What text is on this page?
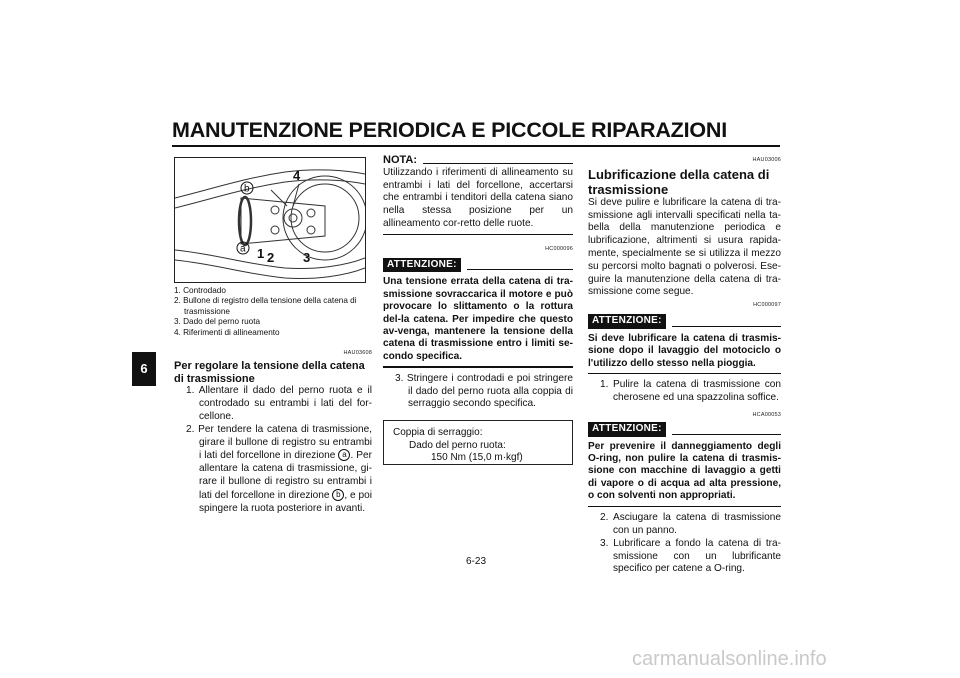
MANUTENZIONE PERIODICA E PICCOLE RIPARAZIONI
6
4
1 2 3
b
a
1. Controdado
2. Bullone di registro della tensione della catena di trasmissione
3. Dado del perno ruota
4. Riferimenti di allineamento
HAU03608

Per regolare la tensione della catena di trasmissione

1. Allentare il dado del perno ruota e il controdado su entrambi i lati del for-cellone.

2. Per tendere la catena di trasmissione, girare il bullone di registro su entrambi i lati del forcellone in direzione a . Per allentare la catena di trasmissione, gi-rare il bullone di registro su entrambi i lati del forcellone in direzione b , e poi spingere la ruota posteriore in avanti.

NOTA:

Utilizzando i riferimenti di allineamento su entrambi i lati del forcellone, accertarsi che entrambi i tenditori della catena siano nella stessa posizione per un allineamento cor-retto delle ruote.

HC000096
ATTENZIONE:

Una tensione errata della catena di tra-smissione sovraccarica il motore e può provocare lo slittamento o la rottura del-la catena. Per impedire che questo av-venga, mantenere la tensione della catena di trasmissione entro i limiti se-condo specifica.

3. Stringere i controdadi e poi stringere il dado del perno ruota alla coppia di serraggio secondo specifica.

Coppia di serraggio:
Dado del perno ruota:
150 Nm (15,0 m·kgf)
HAU03006

Lubrificazione della catena di trasmissione

Si deve pulire e lubrificare la catena di tra-smissione agli intervalli specificati nella ta-bella della manutenzione periodica e lubrificazione, altrimenti si usura rapida-mente, specialmente se si utilizza il mezzo su percorsi molto bagnati o polverosi. Ese-guire la manutenzione della catena di tra-smissione come segue.

HC000097
ATTENZIONE:

Si deve lubrificare la catena di trasmis-sione dopo il lavaggio del motociclo o l'utilizzo dello stesso nella pioggia.

1. Pulire la catena di trasmissione con cherosene ed una spazzolina soffice.

HCA00053
ATTENZIONE:

Per prevenire il danneggiamento degli O-ring, non pulire la catena di trasmis-sione con macchine di lavaggio a getti di vapore o di acqua ad alta pressione, o con solventi non appropriati.

2. Asciugare la catena di trasmissione con un panno.

3. Lubrificare a fondo la catena di tra-smissione con un lubrificante specifico per catene a O-ring.

6-23
carmanualsonline.info
